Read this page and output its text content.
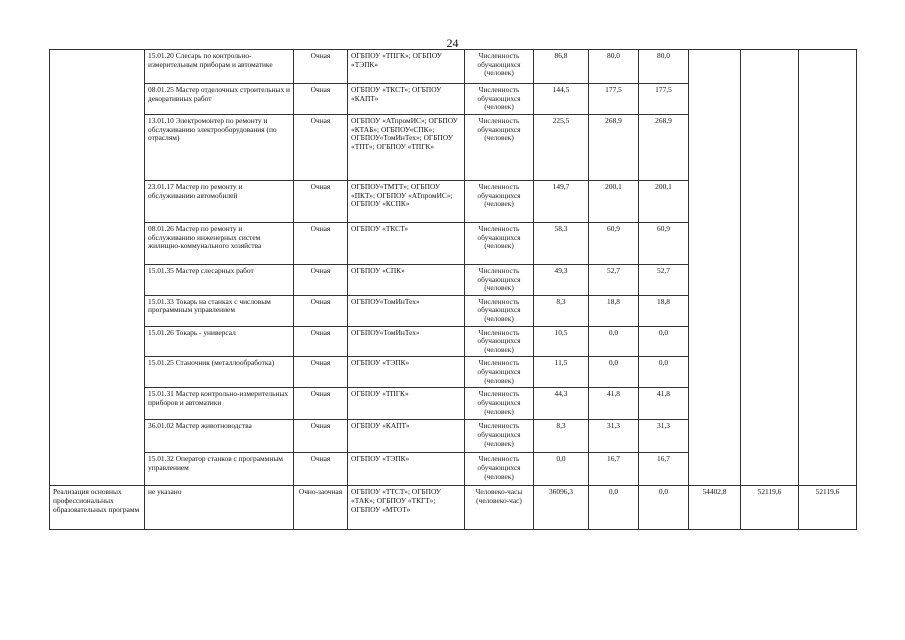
24
	15.01.20 Слесарь по контрольно-измерительным приборам и автоматике	Очная	ОГБПОУ «ТПГК»; ОГБПОУ «ТЭПК»	Численность обучающихся (человек)	86,8	80,0	80,0			
	08.01.25 Мастер отделочных строительных и декоративных работ	Очная	ОГБПОУ «ТКСТ»; ОГБПОУ «КАПТ»	Численность обучающихся (человек)	144,5	177,5	177,5			
	13.01.10 Электромонтер по ремонту и обслуживанию электрооборудования (по отраслям)	Очная	ОГБПОУ «АТпромИС»; ОГБПОУ «КТАБ»; ОГБПОУ«СПК»; ОГБПОУ«ТомИнТех»; ОГБПОУ «ТПТ»; ОГБПОУ «ТПГК»	Численность обучающихся (человек)	225,5	268,9	268,9			
	23.01.17 Мастер по ремонту и обслуживанию автомобилей	Очная	ОГБПОУ«ТМТТ»; ОГБПОУ «ПКТ»; ОГБПОУ «АТпромИС»; ОГБПОУ «КСПК»	Численность обучающихся (человек)	149,7	200,1	200,1			
	08.01.26 Мастер по ремонту и обслуживанию инженерных систем жилищно-коммунального хозяйства	Очная	ОГБПОУ «ТКСТ»	Численность обучающихся (человек)	58,3	60,9	60,9			
	15.01.35 Мастер слесарных работ	Очная	ОГБПОУ «СПК»	Численность обучающихся (человек)	49,3	52,7	52,7			
	15.01.33 Токарь на станках с числовым программным управлением	Очная	ОГБПОУ«ТомИнТех»	Численность обучающихся (человек)	8,3	18,8	18,8			
	15.01.26 Токарь - универсал	Очная	ОГБПОУ«ТомИнТех»	Численность обучающихся (человек)	10,5	0,0	0,0			
	15.01.25 Станочник (металлообработка)	Очная	ОГБПОУ «ТЭПК»	Численность обучающихся (человек)	11,5	0,0	0,0			
	15.01.31 Мастер контрольно-измерительных приборов и автоматики	Очная	ОГБПОУ «ТПГК»	Численность обучающихся (человек)	44,3	41,8	41,8			
	36.01.02 Мастер животноводства	Очная	ОГБПОУ «КАПТ»	Численность обучающихся (человек)	8,3	31,3	31,3			
	15.01.32 Оператор станков с программным управлением	Очная	ОГБПОУ «ТЭПК»	Численность обучающихся (человек)	0,0	16,7	16,7			
Реализация основных профессиональных образовательных программ	не указано	Очно-заочная	ОГБПОУ «ТТСТ»; ОГБПОУ «ТАК»; ОГБПОУ «ТКГТ»; ОГБПОУ «МТОТ»	Человеко-часы (человеко-час)	36096,3	0,0	0,0	54402,8	52119,6	52119,6
